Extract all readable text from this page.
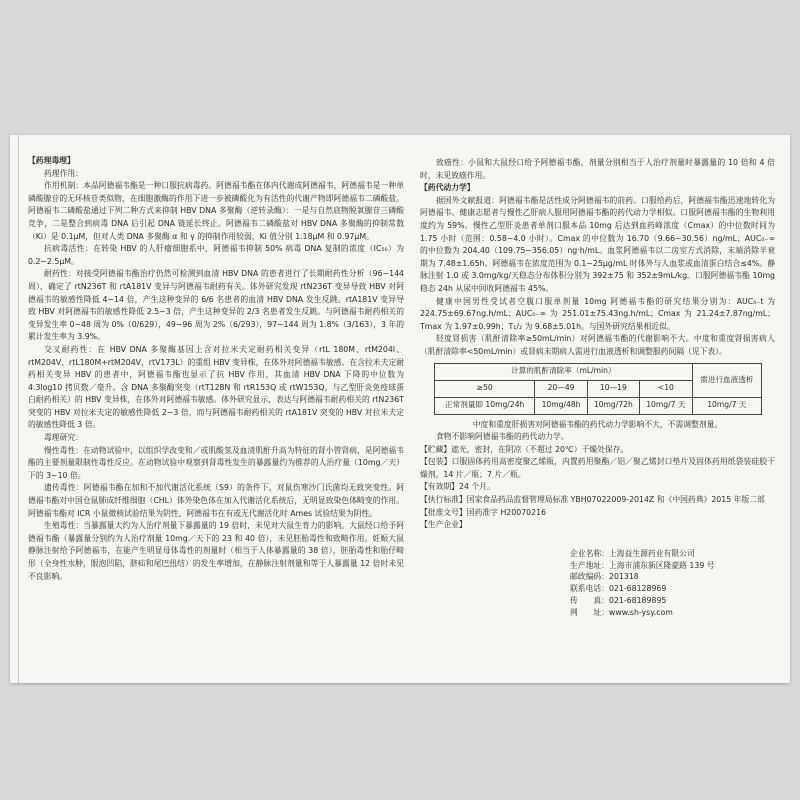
【药理毒理】

药理作用：

作用机制：本品阿德福韦酯是一种口服抗病毒药。阿德福韦酯在体内代谢成阿德福韦，阿德福韦是一种单磷酸腺苷的无环核苷类似物，在细胞激酶的作用下进一步被磷酸化为有活性的代谢产物即阿德福韦二磷酸盐。阿德福韦二磷酸盐通过下列二种方式来抑制 HBV DNA 多聚酶（逆转录酶）：一是与自然底物脱氧腺苷三磷酸竞争，二是整合到病毒 DNA 后引起 DNA 链延长终止。阿德福韦二磷酸盐对 HBV DNA 多聚酶的抑制常数（Ki）是 0.1μM，但对人类 DNA 多聚酶 α 和 γ 的抑制作用较弱，Ki 值分别 1.18μM 和 0.97μM。

抗病毒活性：在转染 HBV 的人肝瘤细胞系中，阿德福韦抑制 50% 病毒 DNA 复制的浓度（IC₅₀）为 0.2~2.5μM。

耐药性：对接受阿德福韦酯治疗仍然可检测到血清 HBV DNA 的患者进行了长期耐药性分析（96~144 周），确定了 rtN236T 和 rtA181V 变异与阿德福韦耐药有关。体外研究发现 rtN236T 变异导致 HBV 对阿德福韦的敏感性降低 4~14 倍，产生这种变异的 6/6 名患者的血清 HBV DNA 发生反跳。rtA181V 变异导致 HBV 对阿德福韦的敏感性降低 2.5~3 倍，产生这种变异的 2/3 名患者发生反跳。与阿德福韦耐药相关的变异发生率 0~48 周为 0%（0/629），49~96 周为 2%（6/293），97~144 周为 1.8%（3/163），3 年的累计发生率为 3.9%。

交叉耐药性：在 HBV DNA 多聚酶基因上含对拉米夫定耐药相关变异（rtL 180M、rtM204I、rtM204V、rtL180M+rtM204V、rtV173L）的重组 HBV 变异株，在体外对阿德福韦敏感。在含拉米夫定耐药相关变异 HBV 的患者中，阿德福韦酯也显示了抗 HBV 作用，其血清 HBV DNA 下降的中位数为 4.3log10 拷贝数／毫升。含 DNA 多聚酶突变（rtT128N 和 rtR153Q 或 rtW153Q，与乙型肝炎免疫球蛋白耐药相关）的 HBV 变异株，在体外对阿德福韦敏感。体外研究显示，表达与阿德福韦耐药相关的 rtN236T 突变的 HBV 对拉米夫定的敏感性降低 2~3 倍，而与阿德福韦耐药相关的 rtA181V 突变的 HBV 对拉米夫定的敏感性降低 3 倍。

毒理研究：

慢性毒性：在动物试验中，以组织学改变和／或肌酸氢及血清肌酐升高为特征的肾小管肾病，是阿德福韦酯的主要剂量限制性毒性反应。在动物试验中观察到肾毒性发生的暴露量约为推荐的人治疗量（10mg／天）下的 3~10 倍。

遗传毒性：阿德福韦酯在加和不加代谢活化系统（S9）的条件下，对鼠伤寒沙门氏菌均无致突变性。阿德福韦酯对中国仓鼠肺成纤维细胞（CHL）体外染色体在加入代谢活化系统后，无明显致染色体畸变的作用。阿德福韦酯对 ICR 小鼠微核试验结果为阴性，阿德福韦在有或无代谢活化时 Ames 试验结果为阴性。

生殖毒性：当暴露量大约为人治疗剂量下暴露量的 19 倍时，未见对大鼠生育力的影响。大鼠经口给予阿德福韦酯（暴露量分别约为人治疗剂量 10mg／天下的 23 和 40 倍），未见胚胎毒性和致畸作用。妊娠大鼠静脉注射给予阿德福韦，在能产生明显母体毒性的剂量时（相当于人体暴露量的 38 倍），胚胎毒性和胎仔畸形（全身性水肿，眼泡凹陷，脐疝和尾巴扭结）的发生率增加，在静脉注射剂量和等于人暴露量 12 倍时未见不良影响。

致癌性：小鼠和大鼠经口给予阿德福韦酯，剂量分别相当于人治疗剂量时暴露量的 10 倍和 4 倍时，未见致癌作用。

【药代动力学】

据国外文献报道：阿德福韦酯是活性成分阿德福韦的前药。口服给药后，阿德福韦酯迅速地转化为阿德福韦。健康志愿者与慢性乙肝病人服用阿德福韦酯的药代动力学相似。口服阿德福韦酯的生物利用度约为 59%。慢性乙型肝炎患者单剂口服本品 10mg 后达到血药峰浓度（Cmax）的中位数时间为 1.75 小时（范围：0.58~4.0 小时）。Cmax 的中位数为 16.70（9.66~30.56）ng/mL；AUC₀₋∞ 的中位数为 204.40（109.75~356.05）ng·h/mL。血浆阿德福韦以二房室方式消除，末端消除半衰期为 7.48±1.65h。阿德福韦在浓度范围为 0.1~25μg/mL 时体外与人血浆或血清蛋白结合≤4%。静脉注射 1.0 或 3.0mg/kg/天稳态分布体积分别为 392±75 和 352±9mL/kg。口服阿德福韦酯 10mg 稳态 24h 从尿中回收阿德福韦 45%。

健康中国男性受试者空腹口服单剂量 10mg 阿德福韦酯的研究结果分别为：AUC₀₋t 为 224.75±69.67ng.h/mL；AUC₀₋∞ 为 251.01±75.43ng.h/mL；Cmax 为 21.24±7.87ng/mL；Tmax 为 1.97±0.99h；T₁/₂ 为 9.68±5.01h。与国外研究结果相近似。

轻度肾损害（肌酐清除率≥50mL/min）对阿德福韦酯的代谢影响不大。中度和重度肾损害病人（肌酐清除率<50mL/min）或肾病末期病人需进行血液透析和调整服药间隔（见下表）。

计算的肌酐清除率（mL/min）				需进行血液透析
≥50	20—49	10—19	<10	
正常剂量即 10mg/24h	10mg/48h	10mg/72h	10mg/7 天	10mg/7 天

中度和重度肝损害对阿德福韦酯的药代动力学影响不大，不需调整剂量。

食物不影响阿德福韦酯的药代动力学。

【贮藏】遮光，密封，在阴凉（不超过 20℃）干燥处保存。

【包装】口服固体药用高密度聚乙烯瓶，内置药用聚酯／铝／聚乙烯封口垫片及固体药用纸袋装硅胶干燥剂。14 片／瓶；7 片／瓶。

【有效期】24 个月。

【执行标准】国家食品药品监督管理局标准 YBH07022009-2014Z 和《中国药典》2015 年版二部

【批准文号】国药准字 H20070216

【生产企业】

企业名称：上海益生源药业有限公司
生产地址：上海市浦东新区隆豪路 139 号
邮政编码：201318
联系电话：021-68128969
传　　真：021-68189895
网　　址：www.sh-ysy.com
